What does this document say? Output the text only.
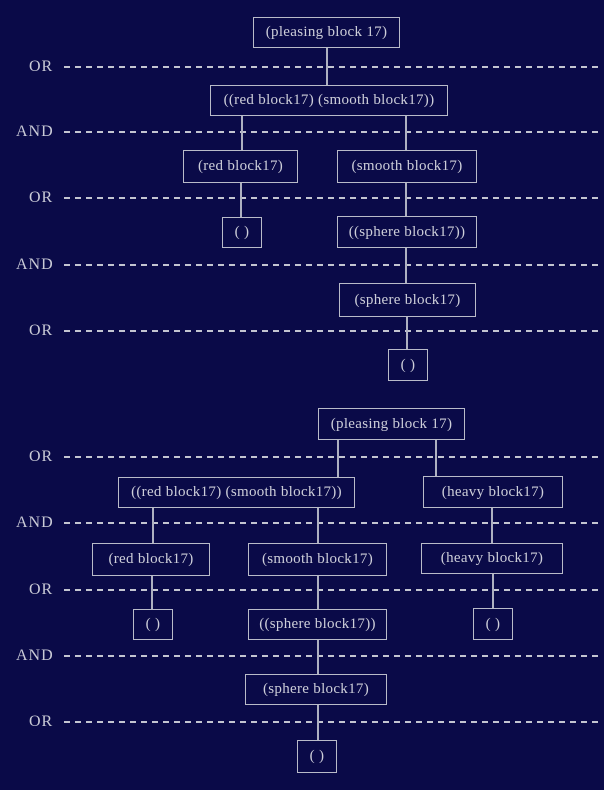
OR
AND
OR
AND
OR
(pleasing block 17)
((red block17) (smooth block17))
(red block17)	(smooth block17)
( )	((sphere block17))
(sphere block17)
( )
OR
AND
OR
AND
OR
(pleasing block 17)
((red block17) (smooth block17))	(heavy block17)
(red block17)	(smooth block17)	(heavy block17)
( )	((sphere block17))	( )
(sphere block17)
( )
